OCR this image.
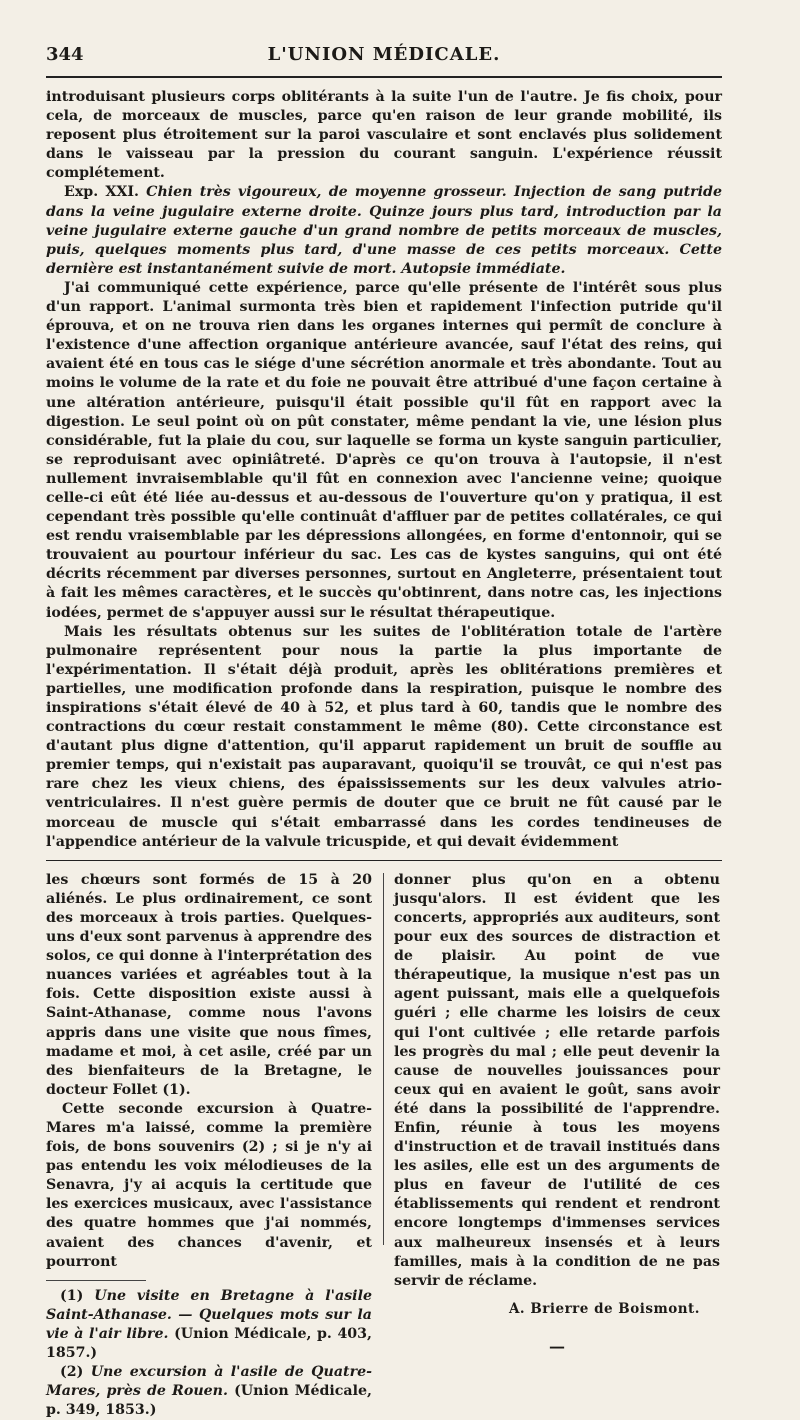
344	L'UNION MÉDICALE.

introduisant plusieurs corps oblitérants à la suite l'un de l'autre. Je fis choix, pour cela, de morceaux de muscles, parce qu'en raison de leur grande mobilité, ils reposent plus étroitement sur la paroi vasculaire et sont enclavés plus solidement dans le vaisseau par la pression du courant sanguin. L'expérience réussit complétement.

Exp. XXI. Chien très vigoureux, de moyenne grosseur. Injection de sang putride dans la veine jugulaire externe droite. Quinze jours plus tard, introduction par la veine jugulaire externe gauche d'un grand nombre de petits morceaux de muscles, puis, quelques moments plus tard, d'une masse de ces petits morceaux. Cette dernière est instantanément suivie de mort. Autopsie immédiate.

J'ai communiqué cette expérience, parce qu'elle présente de l'intérêt sous plus d'un rapport. L'animal surmonta très bien et rapidement l'infection putride qu'il éprouva, et on ne trouva rien dans les organes internes qui permît de conclure à l'existence d'une affection organique antérieure avancée, sauf l'état des reins, qui avaient été en tous cas le siége d'une sécrétion anormale et très abondante. Tout au moins le volume de la rate et du foie ne pouvait être attribué d'une façon certaine à une altération antérieure, puisqu'il était possible qu'il fût en rapport avec la digestion. Le seul point où on pût constater, même pendant la vie, une lésion plus considérable, fut la plaie du cou, sur laquelle se forma un kyste sanguin particulier, se reproduisant avec opiniâtreté. D'après ce qu'on trouva à l'autopsie, il n'est nullement invraisemblable qu'il fût en connexion avec l'ancienne veine; quoique celle-ci eût été liée au-dessus et au-dessous de l'ouverture qu'on y pratiqua, il est cependant très possible qu'elle continuât d'affluer par de petites collatérales, ce qui est rendu vraisemblable par les dépressions allongées, en forme d'entonnoir, qui se trouvaient au pourtour inférieur du sac. Les cas de kystes sanguins, qui ont été décrits récemment par diverses personnes, surtout en Angleterre, présentaient tout à fait les mêmes caractères, et le succès qu'obtinrent, dans notre cas, les injections iodées, permet de s'appuyer aussi sur le résultat thérapeutique.

Mais les résultats obtenus sur les suites de l'oblitération totale de l'artère pulmonaire représentent pour nous la partie la plus importante de l'expérimentation. Il s'était déjà produit, après les oblitérations premières et partielles, une modification profonde dans la respiration, puisque le nombre des inspirations s'était élevé de 40 à 52, et plus tard à 60, tandis que le nombre des contractions du cœur restait constamment le même (80). Cette circonstance est d'autant plus digne d'attention, qu'il apparut rapidement un bruit de souffle au premier temps, qui n'existait pas auparavant, quoiqu'il se trouvât, ce qui n'est pas rare chez les vieux chiens, des épaississements sur les deux valvules atrio-ventriculaires. Il n'est guère permis de douter que ce bruit ne fût causé par le morceau de muscle qui s'était embarrassé dans les cordes tendineuses de l'appendice antérieur de la valvule tricuspide, et qui devait évidemment

les chœurs sont formés de 15 à 20 aliénés. Le plus ordinairement, ce sont des morceaux à trois parties. Quelques-uns d'eux sont parvenus à apprendre des solos, ce qui donne à l'interprétation des nuances variées et agréables tout à la fois. Cette disposition existe aussi à Saint-Athanase, comme nous l'avons appris dans une visite que nous fîmes, madame et moi, à cet asile, créé par un des bienfaiteurs de la Bretagne, le docteur Follet (1).

Cette seconde excursion à Quatre-Mares m'a laissé, comme la première fois, de bons souvenirs (2) ; si je n'y ai pas entendu les voix mélodieuses de la Senavra, j'y ai acquis la certitude que les exercices musicaux, avec l'assistance des quatre hommes que j'ai nommés, avaient des chances d'avenir, et pourront

(1) Une visite en Bretagne à l'asile Saint-Athanase. — Quelques mots sur la vie à l'air libre. (Union Médicale, p. 403, 1857.)

(2) Une excursion à l'asile de Quatre-Mares, près de Rouen. (Union Médicale, p. 349, 1853.)

donner plus qu'on en a obtenu jusqu'alors. Il est évident que les concerts, appropriés aux auditeurs, sont pour eux des sources de distraction et de plaisir. Au point de vue thérapeutique, la musique n'est pas un agent puissant, mais elle a quelquefois guéri ; elle charme les loisirs de ceux qui l'ont cultivée ; elle retarde parfois les progrès du mal ; elle peut devenir la cause de nouvelles jouissances pour ceux qui en avaient le goût, sans avoir été dans la possibilité de l'apprendre. Enfin, réunie à tous les moyens d'instruction et de travail institués dans les asiles, elle est un des arguments de plus en faveur de l'utilité de ces établissements qui rendent et rendront encore longtemps d'immenses services aux malheureux insensés et à leurs familles, mais à la condition de ne pas servir de réclame.

A. Brierre de Boismont.
—
